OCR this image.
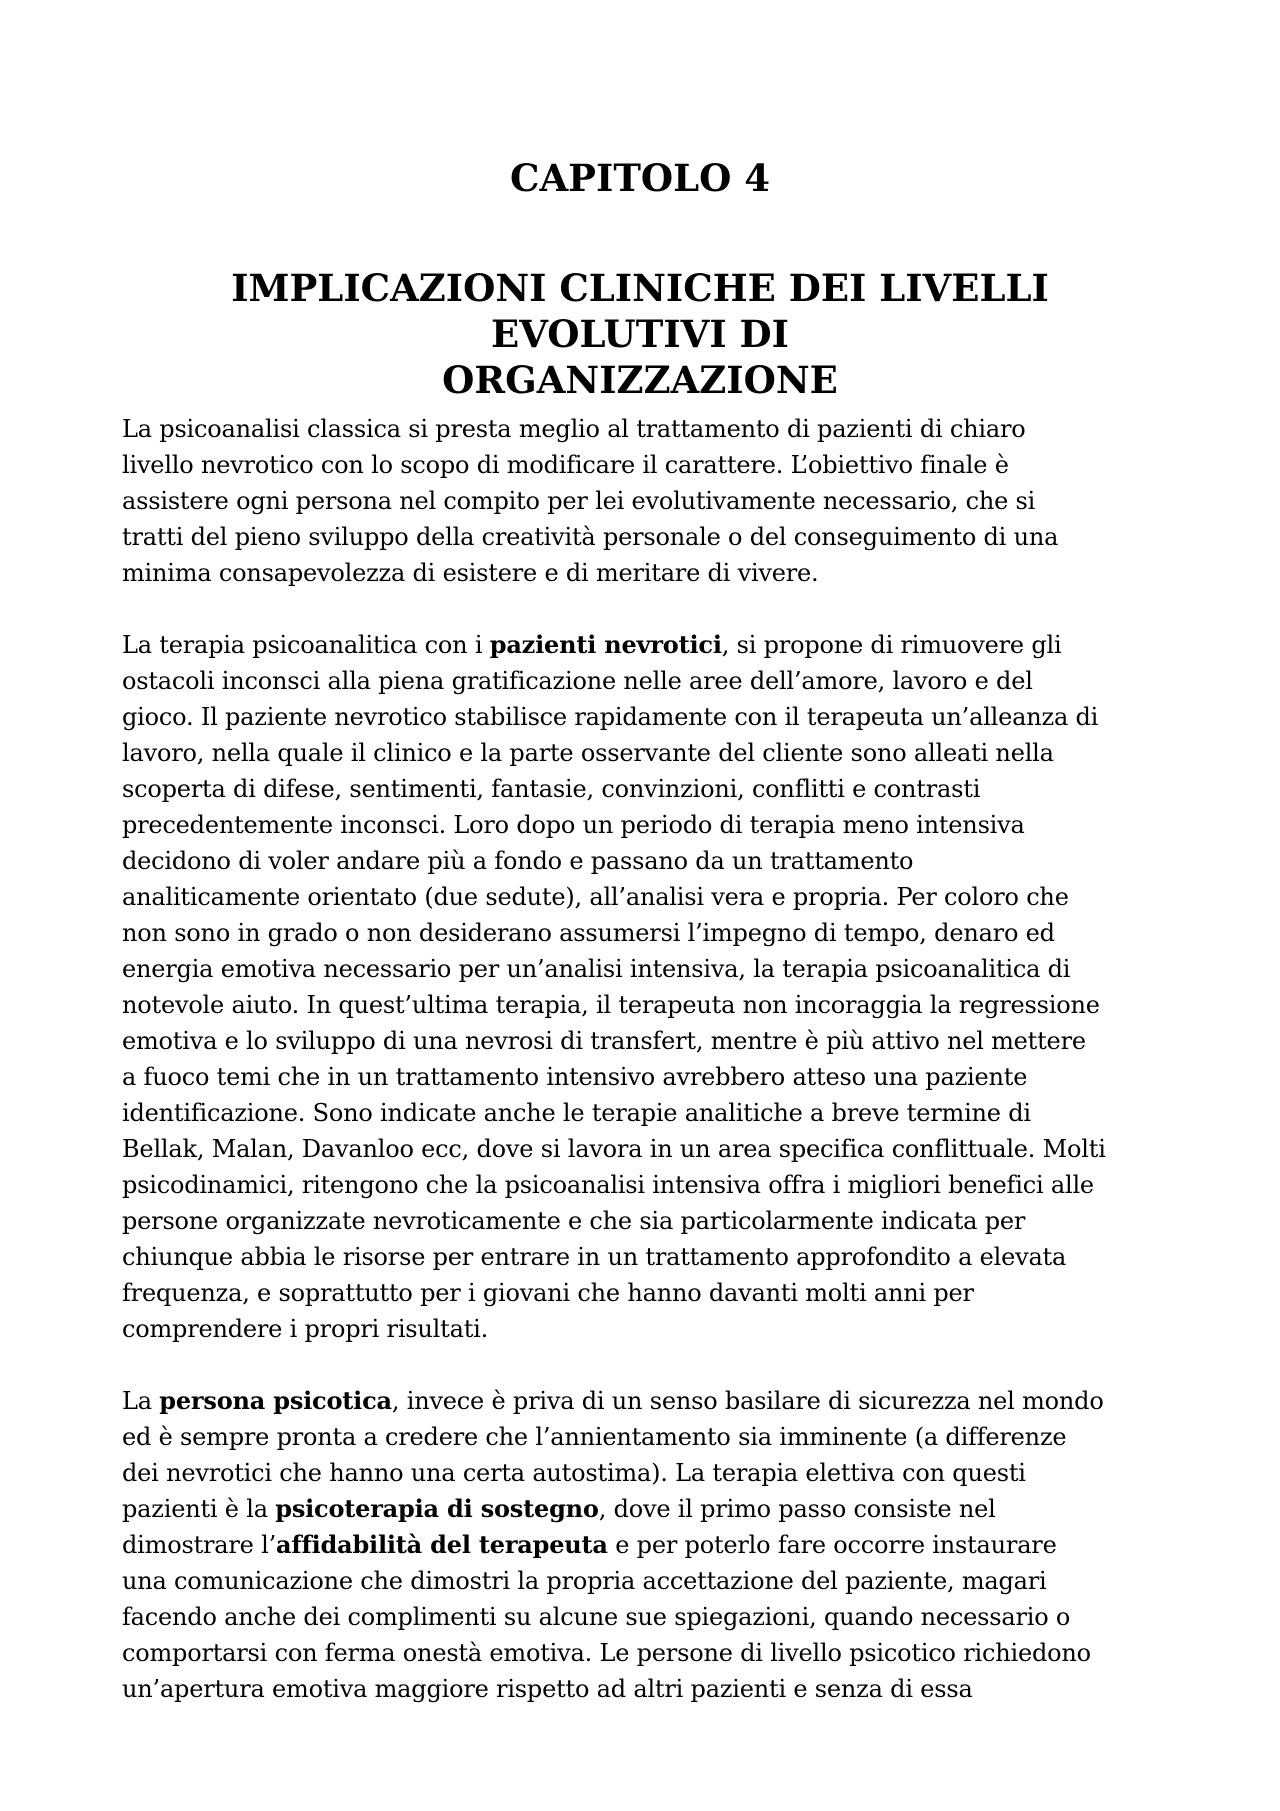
CAPITOLO 4
IMPLICAZIONI CLINICHE DEI LIVELLI EVOLUTIVI DI
ORGANIZZAZIONE

La psicoanalisi classica si presta meglio al trattamento di pazienti di chiaro
livello nevrotico con lo scopo di modificare il carattere. L’obiettivo finale è
assistere ogni persona nel compito per lei evolutivamente necessario, che si
tratti del pieno sviluppo della creatività personale o del conseguimento di una
minima consapevolezza di esistere e di meritare di vivere.

La terapia psicoanalitica con i pazienti nevrotici, si propone di rimuovere gli
ostacoli inconsci alla piena gratificazione nelle aree dell’amore, lavoro e del
gioco. Il paziente nevrotico stabilisce rapidamente con il terapeuta un’alleanza di
lavoro, nella quale il clinico e la parte osservante del cliente sono alleati nella
scoperta di difese, sentimenti, fantasie, convinzioni, conflitti e contrasti
precedentemente inconsci. Loro dopo un periodo di terapia meno intensiva
decidono di voler andare più a fondo e passano da un trattamento
analiticamente orientato (due sedute), all’analisi vera e propria. Per coloro che
non sono in grado o non desiderano assumersi l’impegno di tempo, denaro ed
energia emotiva necessario per un’analisi intensiva, la terapia psicoanalitica di
notevole aiuto. In quest’ultima terapia, il terapeuta non incoraggia la regressione
emotiva e lo sviluppo di una nevrosi di transfert, mentre è più attivo nel mettere
a fuoco temi che in un trattamento intensivo avrebbero atteso una paziente
identificazione. Sono indicate anche le terapie analitiche a breve termine di
Bellak, Malan, Davanloo ecc, dove si lavora in un area specifica conflittuale. Molti
psicodinamici, ritengono che la psicoanalisi intensiva offra i migliori benefici alle
persone organizzate nevroticamente e che sia particolarmente indicata per
chiunque abbia le risorse per entrare in un trattamento approfondito a elevata
frequenza, e soprattutto per i giovani che hanno davanti molti anni per
comprendere i propri risultati.

La persona psicotica, invece è priva di un senso basilare di sicurezza nel mondo
ed è sempre pronta a credere che l’annientamento sia imminente (a differenze
dei nevrotici che hanno una certa autostima). La terapia elettiva con questi
pazienti è la psicoterapia di sostegno, dove il primo passo consiste nel
dimostrare l’affidabilità del terapeuta e per poterlo fare occorre instaurare
una comunicazione che dimostri la propria accettazione del paziente, magari
facendo anche dei complimenti su alcune sue spiegazioni, quando necessario o
comportarsi con ferma onestà emotiva. Le persone di livello psicotico richiedono
un’apertura emotiva maggiore rispetto ad altri pazienti e senza di essa
